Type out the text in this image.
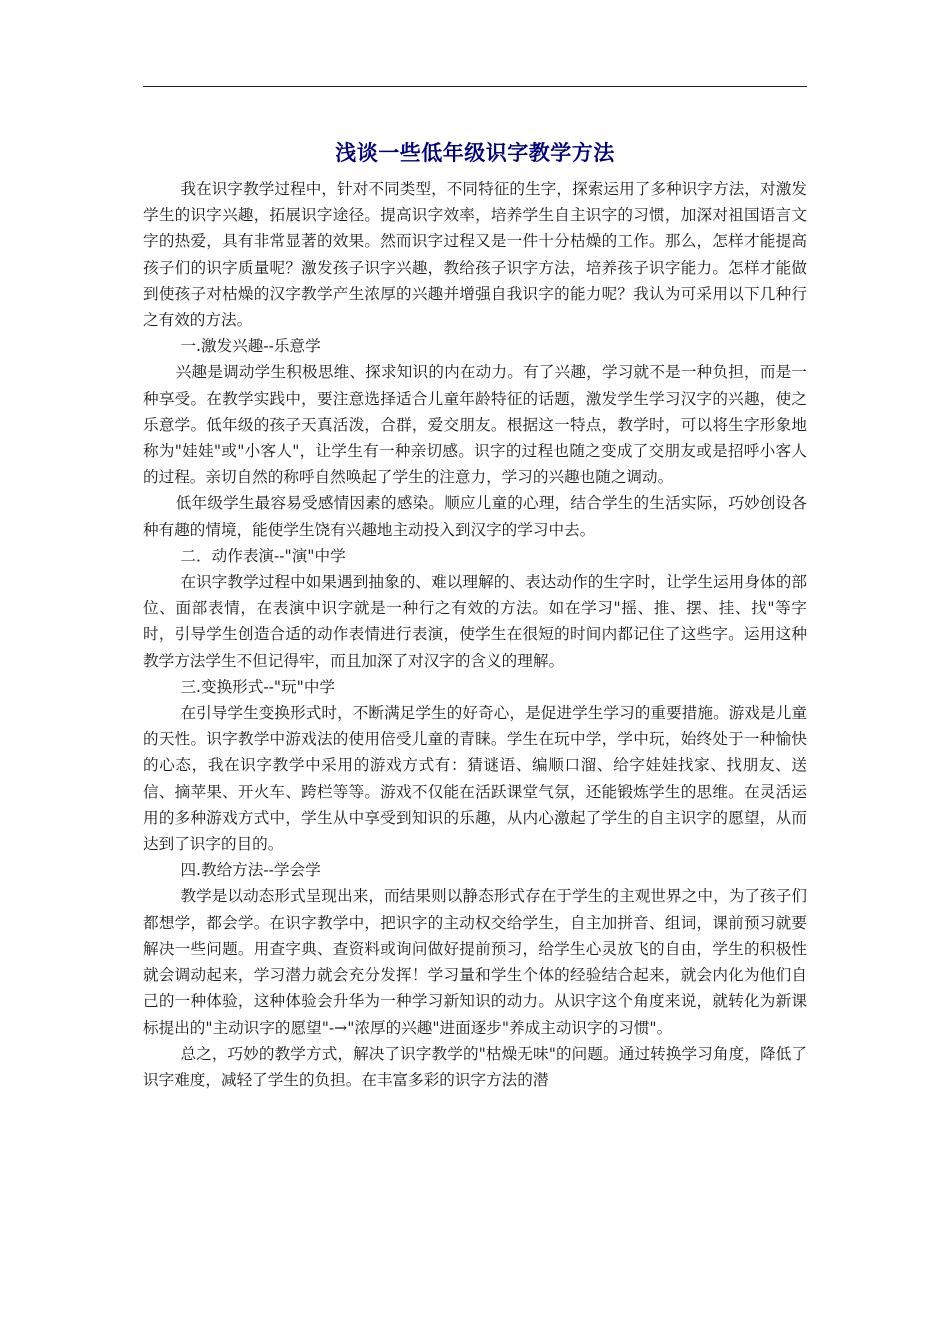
浅谈一些低年级识字教学方法

我在识字教学过程中，针对不同类型，不同特征的生字，探索运用了多种识字方法，对激发学生的识字兴趣，拓展识字途径。提高识字效率，培养学生自主识字的习惯，加深对祖国语言文字的热爱，具有非常显著的效果。然而识字过程又是一件十分枯燥的工作。那么，怎样才能提高孩子们的识字质量呢？激发孩子识字兴趣，教给孩子识字方法，培养孩子识字能力。怎样才能做到使孩子对枯燥的汉字教学产生浓厚的兴趣并增强自我识字的能力呢？我认为可采用以下几种行之有效的方法。

一.激发兴趣--乐意学

兴趣是调动学生积极思维、探求知识的内在动力。有了兴趣，学习就不是一种负担，而是一种享受。在教学实践中，要注意选择适合儿童年龄特征的话题，激发学生学习汉字的兴趣，使之乐意学。低年级的孩子天真活泼，合群，爱交朋友。根据这一特点，教学时，可以将生字形象地称为"娃娃"或"小客人"，让学生有一种亲切感。识字的过程也随之变成了交朋友或是招呼小客人的过程。亲切自然的称呼自然唤起了学生的注意力，学习的兴趣也随之调动。

低年级学生最容易受感情因素的感染。顺应儿童的心理，结合学生的生活实际，巧妙创设各种有趣的情境，能使学生饶有兴趣地主动投入到汉字的学习中去。

二．动作表演--"演"中学

在识字教学过程中如果遇到抽象的、难以理解的、表达动作的生字时，让学生运用身体的部位、面部表情，在表演中识字就是一种行之有效的方法。如在学习"摇、推、摆、挂、找"等字时，引导学生创造合适的动作表情进行表演，使学生在很短的时间内都记住了这些字。运用这种教学方法学生不但记得牢，而且加深了对汉字的含义的理解。

三.变换形式--"玩"中学

在引导学生变换形式时，不断满足学生的好奇心，是促进学生学习的重要措施。游戏是儿童的天性。识字教学中游戏法的使用倍受儿童的青睐。学生在玩中学，学中玩，始终处于一种愉快的心态，我在识字教学中采用的游戏方式有：猜谜语、编顺口溜、给字娃娃找家、找朋友、送信、摘苹果、开火车、跨栏等等。游戏不仅能在活跃课堂气氛，还能锻炼学生的思维。在灵活运用的多种游戏方式中，学生从中享受到知识的乐趣，从内心激起了学生的自主识字的愿望，从而达到了识字的目的。

四.教给方法--学会学

教学是以动态形式呈现出来，而结果则以静态形式存在于学生的主观世界之中，为了孩子们都想学，都会学。在识字教学中，把识字的主动权交给学生，自主加拼音、组词，课前预习就要解决一些问题。用查字典、查资料或询问做好提前预习，给学生心灵放飞的自由，学生的积极性就会调动起来，学习潜力就会充分发挥！学习量和学生个体的经验结合起来，就会内化为他们自己的一种体验，这种体验会升华为一种学习新知识的动力。从识字这个角度来说，就转化为新课标提出的"主动识字的愿望"-→"浓厚的兴趣"进面逐步"养成主动识字的习惯"。

总之，巧妙的教学方式，解决了识字教学的"枯燥无味"的问题。通过转换学习角度，降低了识字难度，减轻了学生的负担。在丰富多彩的识字方法的潜
